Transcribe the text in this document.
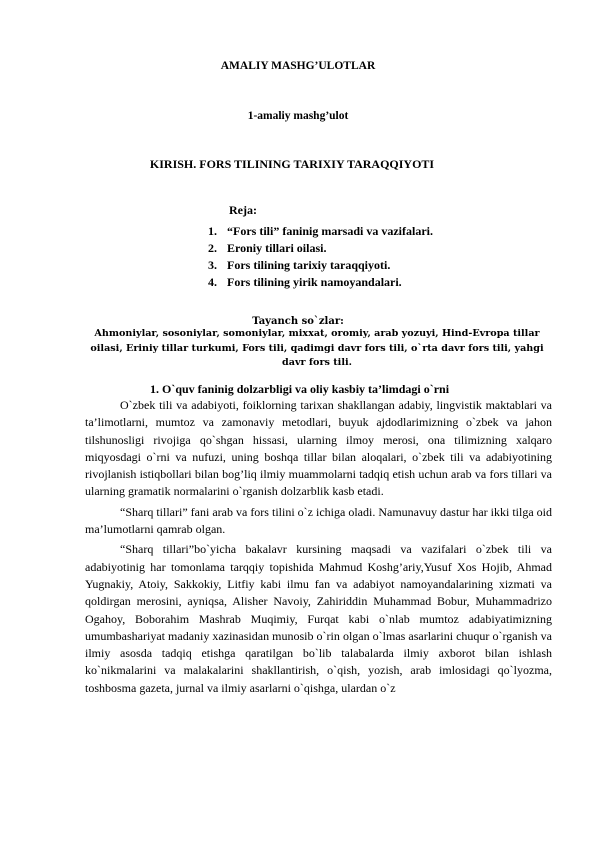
AMALIY MASHG’ULOTLAR
1-amaliy mashg’ulot
KIRISH. FORS TILINING TARIXIY TARAQQIYOTI
Reja:
1. “Fors tili” faninig marsadi va vazifalari.
2. Eroniy tillari oilasi.
3. Fors tilining tarixiy taraqqiyoti.
4. Fors tilining yirik namoyandalari.
Tayanch so`zlar:
Ahmoniylar, sosoniylar, somoniylar, mixxat, oromiy, arab yozuyi, Hind-Evropa tillar oilasi, Eriniy tillar turkumi, Fors tili, qadimgi davr fors tili, o`rta davr fors tili, yahgi davr fors tili.
1. O`quv faninig dolzarbligi va oliy kasbiy ta’limdagi o`rni

O`zbek tili va adabiyoti, foiklorning tarixan shakllangan adabiy, lingvistik maktablari va ta’limotlarni, mumtoz va zamonaviy metodlari, buyuk ajdodlarimizning o`zbek va jahon tilshunosligi rivojiga qo`shgan hissasi, ularning ilmoy merosi, ona tilimizning xalqaro miqyosdagi o`rni va nufuzi, uning boshqa tillar bilan aloqalari, o`zbek tili va adabiyotining rivojlanish istiqbollari bilan bog’liq ilmiy muammolarni tadqiq etish uchun arab va fors tillari va ularning gramatik normalarini o`rganish dolzarblik kasb etadi.

“Sharq tillari” fani arab va fors tilini o`z ichiga oladi. Namunavuy dastur har ikki tilga oid ma’lumotlarni qamrab olgan.

“Sharq tillari”bo`yicha bakalavr kursining maqsadi va vazifalari o`zbek tili va adabiyotinig har tomonlama tarqqiy topishida Mahmud Koshg’ariy,Yusuf Xos Hojib, Ahmad Yugnakiy, Atoiy, Sakkokiy, Litfiy kabi ilmu fan va adabiyot namoyandalarining xizmati va qoldirgan merosini, ayniqsa, Alisher Navoiy, Zahiriddin Muhammad Bobur, Muhammadrizo Ogahoy, Boborahim Mashrab Muqimiy, Furqat kabi o`nlab mumtoz adabiyatimizning umumbashariyat madaniy xazinasidan munosib o`rin olgan o`lmas asarlarini chuqur o`rganish va ilmiy asosda tadqiq etishga qaratilgan bo`lib talabalarda ilmiy axborot bilan ishlash ko`nikmalarini va malakalarini shakllantirish, o`qish, yozish, arab imlosidagi qo`lyozma, toshbosma gazeta, jurnal va ilmiy asarlarni o`qishga, ulardan o`z
